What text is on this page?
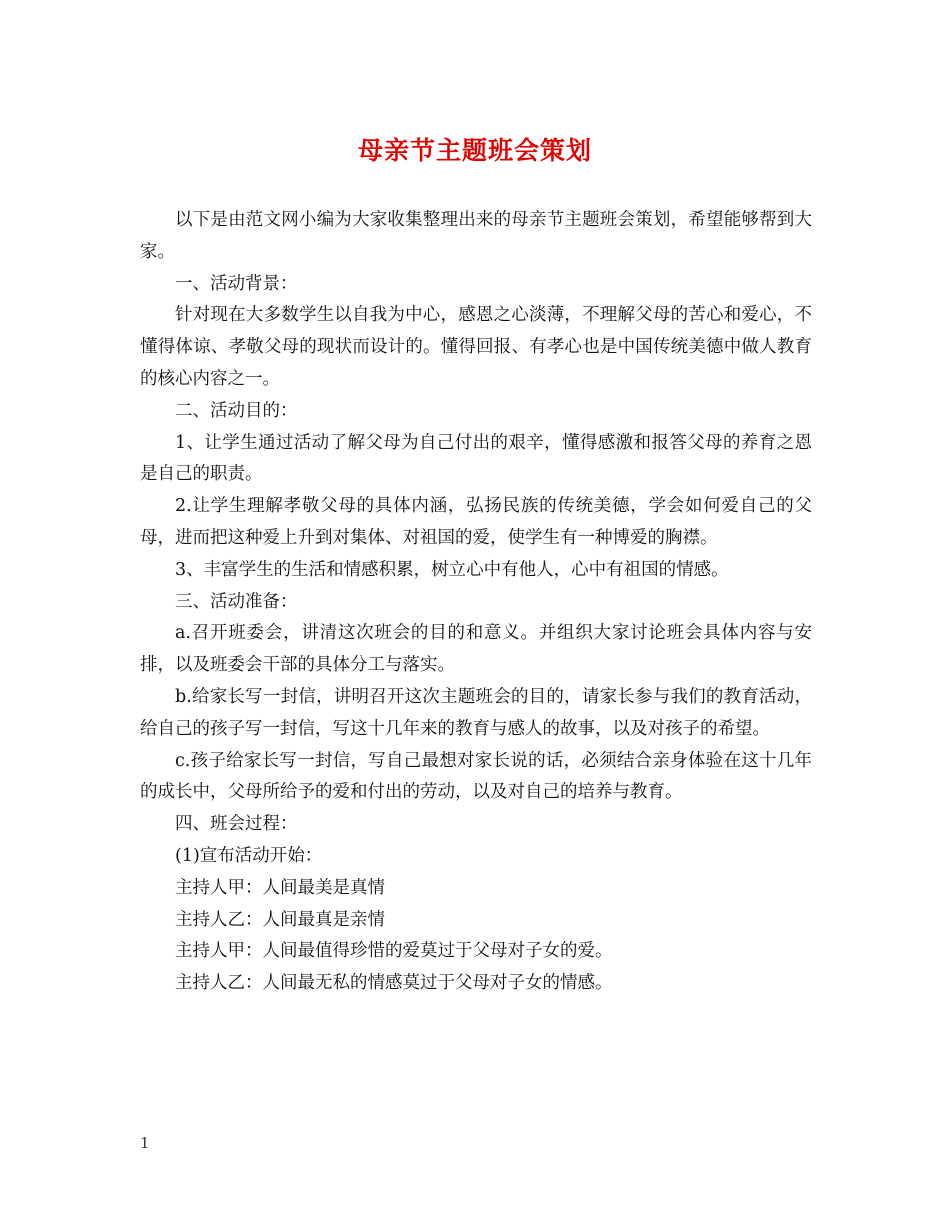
母亲节主题班会策划

以下是由范文网小编为大家收集整理出来的母亲节主题班会策划，希望能够帮到大家。

一、活动背景：

针对现在大多数学生以自我为中心，感恩之心淡薄，不理解父母的苦心和爱心，不懂得体谅、孝敬父母的现状而设计的。懂得回报、有孝心也是中国传统美德中做人教育的核心内容之一。

二、活动目的：

1、让学生通过活动了解父母为自己付出的艰辛，懂得感激和报答父母的养育之恩是自己的职责。

2.让学生理解孝敬父母的具体内涵，弘扬民族的传统美德，学会如何爱自己的父母，进而把这种爱上升到对集体、对祖国的爱，使学生有一种博爱的胸襟。

3、丰富学生的生活和情感积累，树立心中有他人，心中有祖国的情感。

三、活动准备：

a.召开班委会，讲清这次班会的目的和意义。并组织大家讨论班会具体内容与安排，以及班委会干部的具体分工与落实。

b.给家长写一封信，讲明召开这次主题班会的目的，请家长参与我们的教育活动，给自己的孩子写一封信，写这十几年来的教育与感人的故事，以及对孩子的希望。

c.孩子给家长写一封信，写自己最想对家长说的话，必须结合亲身体验在这十几年的成长中，父母所给予的爱和付出的劳动，以及对自己的培养与教育。

四、班会过程：

(1)宣布活动开始：

主持人甲：人间最美是真情

主持人乙：人间最真是亲情

主持人甲：人间最值得珍惜的爱莫过于父母对子女的爱。

主持人乙：人间最无私的情感莫过于父母对子女的情感。

1
